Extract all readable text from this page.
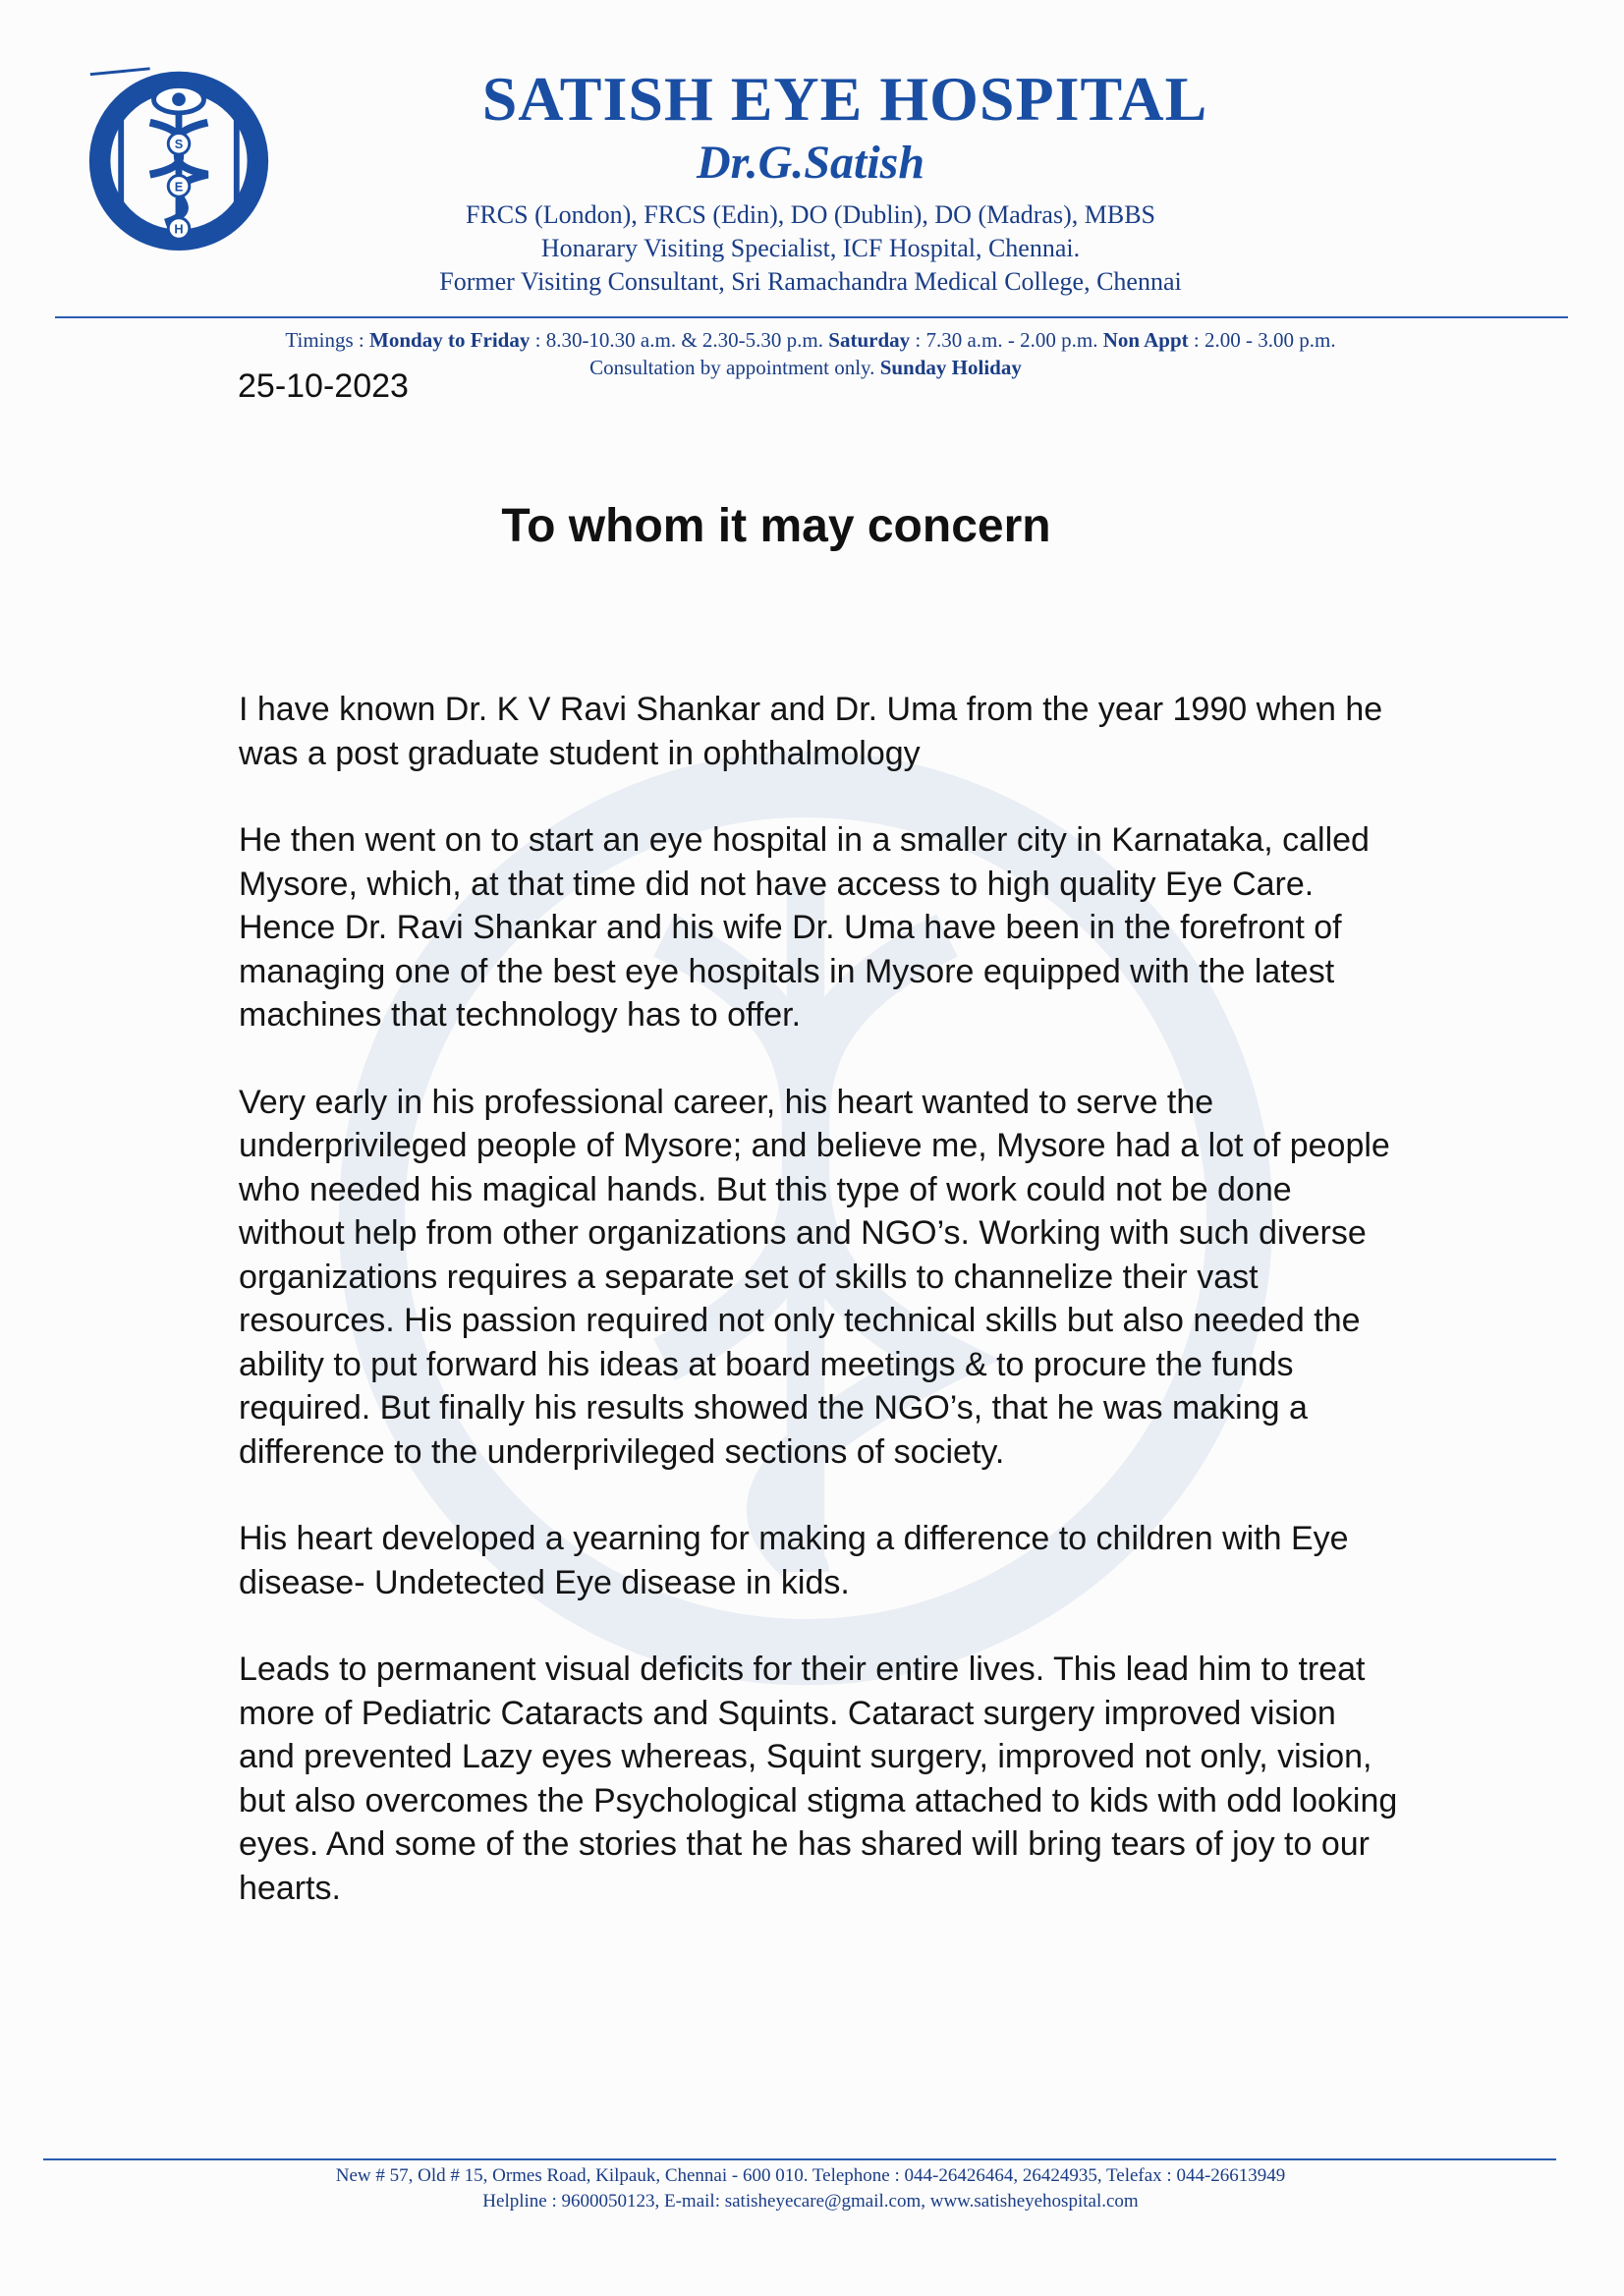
S
E
H
SATISH EYE HOSPITAL
Dr.G.Satish
FRCS (London), FRCS (Edin), DO (Dublin), DO (Madras), MBBS
Honarary Visiting Specialist, ICF Hospital, Chennai.
Former Visiting Consultant, Sri Ramachandra Medical College, Chennai
Timings : Monday to Friday : 8.30-10.30 a.m. & 2.30-5.30 p.m. Saturday : 7.30 a.m. - 2.00 p.m. Non Appt : 2.00 - 3.00 p.m.
Consultation by appointment only. Sunday Holiday
25-10-2023
To whom it may concern

I have known Dr. K V Ravi Shankar and Dr. Uma from the year 1990 when he was a post graduate student in ophthalmology

He then went on to start an eye hospital in a smaller city in Karnataka, called Mysore, which, at that time did not have access to high quality Eye Care. Hence Dr. Ravi Shankar and his wife Dr. Uma have been in the forefront of managing one of the best eye hospitals in Mysore equipped with the latest machines that technology has to offer.

Very early in his professional career, his heart wanted to serve the underprivileged people of Mysore; and believe me, Mysore had a lot of people who needed his magical hands. But this type of work could not be done without help from other organizations and NGO’s. Working with such diverse organizations requires a separate set of skills to channelize their vast resources. His passion required not only technical skills but also needed the ability to put forward his ideas at board meetings & to procure the funds required. But finally his results showed the NGO’s, that he was making a difference to the underprivileged sections of society.

His heart developed a yearning for making a difference to children with Eye disease- Undetected Eye disease in kids.

Leads to permanent visual deficits for their entire lives. This lead him to treat more of Pediatric Cataracts and Squints. Cataract surgery improved vision and prevented Lazy eyes whereas, Squint surgery, improved not only, vision, but also overcomes the Psychological stigma attached to kids with odd looking eyes. And some of the stories that he has shared will bring tears of joy to our hearts.

New # 57, Old # 15, Ormes Road, Kilpauk, Chennai - 600 010. Telephone : 044-26426464, 26424935, Telefax : 044-26613949
Helpline : 9600050123, E-mail: satisheyecare@gmail.com, www.satisheyehospital.com
